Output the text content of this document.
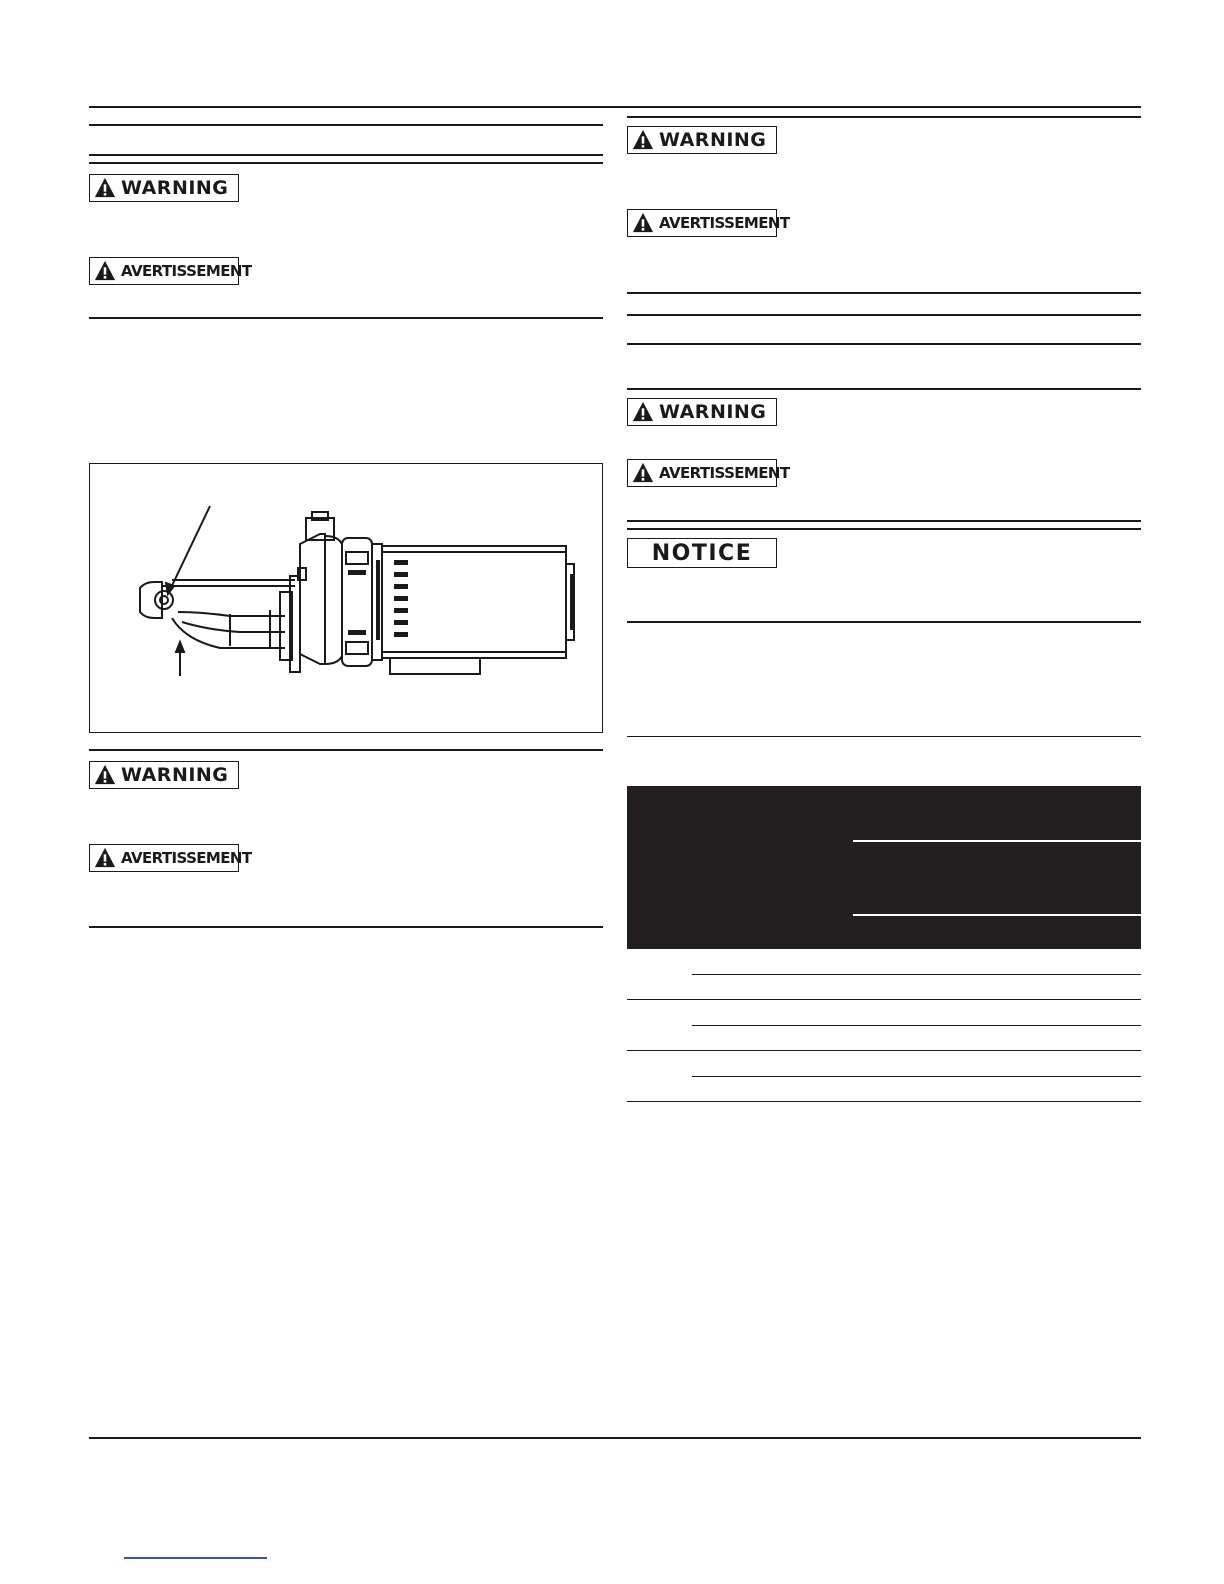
WARNING
AVERTISSEMENT
WARNING
AVERTISSEMENT
WARNING
AVERTISSEMENT
WARNING
AVERTISSEMENT
NOTICE
